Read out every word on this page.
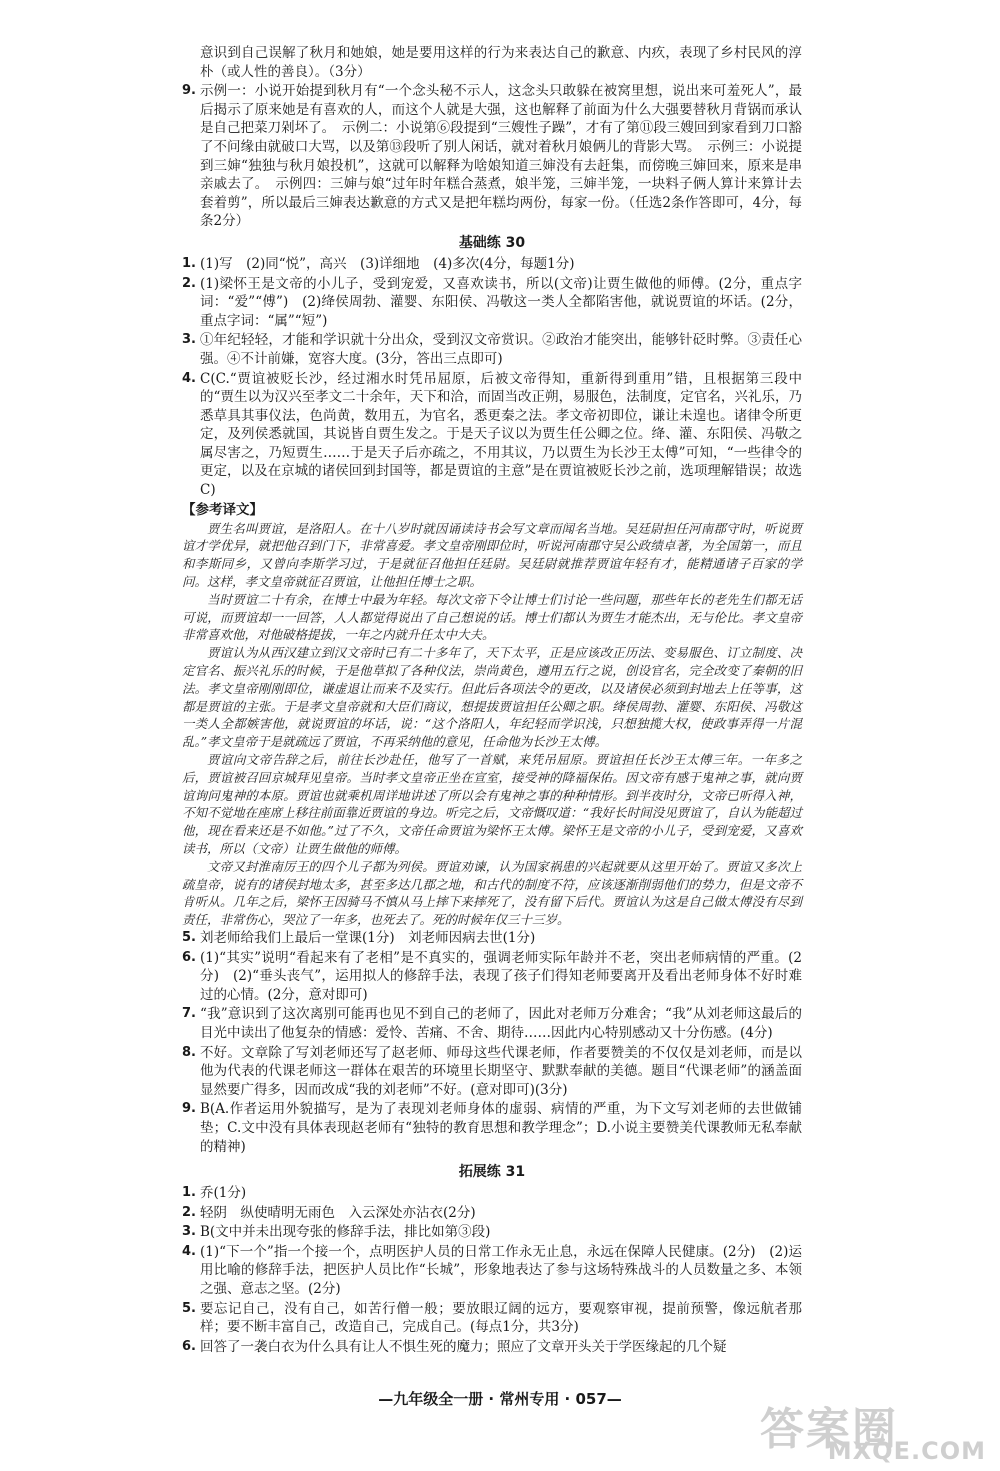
意识到自己误解了秋月和她娘，她是要用这样的行为来表达自己的歉意、内疚，表现了乡村民风的淳朴（或人性的善良）。（3分）
9. 示例一：小说开始提到秋月有“一个念头秘不示人，这念头只敢躲在被窝里想，说出来可羞死人”，最后揭示了原来她是有喜欢的人，而这个人就是大强，这也解释了前面为什么大强要替秋月背锅而承认是自己把菜刀剁坏了。　示例二：小说第⑥段提到“三嫂性子躁”，才有了第⑪段三嫂回到家看到刀口豁了不问缘由就破口大骂，以及第⑬段听了别人闲话，就对着秋月娘俩儿的背影大骂。　示例三：小说提到三婶“独独与秋月娘投机”，这就可以解释为啥娘知道三婶没有去赶集，而傍晚三婶回来，原来是串亲戚去了。　示例四：三婶与娘“过年时年糕合蒸煮，娘半笼，三婶半笼，一块料子俩人算计来算计去套着剪”，所以最后三婶表达歉意的方式又是把年糕均两份，每家一份。（任选2条作答即可，4分，每条2分）
基础练 30
1. (1)写　(2)同“悦”，高兴　(3)详细地　(4)多次(4分，每题1分)
2. (1)梁怀王是文帝的小儿子，受到宠爱，又喜欢读书，所以(文帝)让贾生做他的师傅。(2分，重点字词：“爱”“傅”)　(2)绛侯周勃、灌婴、东阳侯、冯敬这一类人全都陷害他，就说贾谊的坏话。(2分，重点字词：“属”“短”)
3. ①年纪轻轻，才能和学识就十分出众，受到汉文帝赏识。②政治才能突出，能够针砭时弊。③责任心强。④不计前嫌，宽容大度。(3分，答出三点即可)
4. C(C.“贾谊被贬长沙，经过湘水时凭吊屈原，后被文帝得知，重新得到重用”错，且根据第三段中的“贾生以为汉兴至孝文二十余年，天下和洽，而固当改正朔，易服色，法制度，定官名，兴礼乐，乃悉草具其事仪法，色尚黄，数用五，为官名，悉更秦之法。孝文帝初即位，谦让未遑也。诸律令所更定，及列侯悉就国，其说皆自贾生发之。于是天子议以为贾生任公卿之位。绛、灌、东阳侯、冯敬之属尽害之，乃短贾生……于是天子后亦疏之，不用其议，乃以贾生为长沙王太傅”可知，“一些律令的更定，以及在京城的诸侯回到封国等，都是贾谊的主意”是在贾谊被贬长沙之前，选项理解错误；故选C)
【参考译文】

贾生名叫贾谊，是洛阳人。在十八岁时就因诵读诗书会写文章而闻名当地。吴廷尉担任河南郡守时，听说贾谊才学优异，就把他召到门下，非常喜爱。孝文皇帝刚即位时，听说河南郡守吴公政绩卓著，为全国第一，而且和李斯同乡，又曾向李斯学习过，于是就征召他担任廷尉。吴廷尉就推荐贾谊年轻有才，能精通诸子百家的学问。这样，孝文皇帝就征召贾谊，让他担任博士之职。

当时贾谊二十有余，在博士中最为年轻。每次文帝下令让博士们讨论一些问题，那些年长的老先生们都无话可说，而贾谊却一一回答，人人都觉得说出了自己想说的话。博士们都认为贾生才能杰出，无与伦比。孝文皇帝非常喜欢他，对他破格提拔，一年之内就升任太中大夫。

贾谊认为从西汉建立到汉文帝时已有二十多年了，天下太平，正是应该改正历法、变易服色、订立制度、决定官名、振兴礼乐的时候，于是他草拟了各种仪法，崇尚黄色，遵用五行之说，创设官名，完全改变了秦朝的旧法。孝文皇帝刚刚即位，谦虚退让而来不及实行。但此后各项法令的更改，以及诸侯必须到封地去上任等事，这都是贾谊的主张。于是孝文皇帝就和大臣们商议，想提拔贾谊担任公卿之职。绛侯周勃、灌婴、东阳侯、冯敬这一类人全都嫉害他，就说贾谊的坏话，说：“这个洛阳人，年纪轻而学识浅，只想独揽大权，使政事弄得一片混乱。”孝文皇帝于是就疏远了贾谊，不再采纳他的意见，任命他为长沙王太傅。

贾谊向文帝告辞之后，前往长沙赴任，他写了一首赋，来凭吊屈原。贾谊担任长沙王太傅三年。一年多之后，贾谊被召回京城拜见皇帝。当时孝文皇帝正坐在宣室，接受神的降福保佑。因文帝有感于鬼神之事，就向贾谊询问鬼神的本原。贾谊也就乘机周详地讲述了所以会有鬼神之事的种种情形。到半夜时分，文帝已听得入神，不知不觉地在座席上移往前面靠近贾谊的身边。听完之后，文帝慨叹道：“我好长时间没见贾谊了，自认为能超过他，现在看来还是不如他。”过了不久，文帝任命贾谊为梁怀王太傅。梁怀王是文帝的小儿子，受到宠爱，又喜欢读书，所以（文帝）让贾生做他的师傅。

文帝又封淮南厉王的四个儿子都为列侯。贾谊劝谏，认为国家祸患的兴起就要从这里开始了。贾谊又多次上疏皇帝，说有的诸侯封地太多，甚至多达几郡之地，和古代的制度不符，应该逐渐削弱他们的势力，但是文帝不肯听从。几年之后，梁怀王因骑马不慎从马上摔下来摔死了，没有留下后代。贾谊认为这是自己做太傅没有尽到责任，非常伤心，哭泣了一年多，也死去了。死的时候年仅三十三岁。

5. 刘老师给我们上最后一堂课(1分)　刘老师因病去世(1分)
6. (1)“其实”说明“看起来有了老相”是不真实的，强调老师实际年龄并不老，突出老师病情的严重。(2分)　(2)“垂头丧气”，运用拟人的修辞手法，表现了孩子们得知老师要离开及看出老师身体不好时难过的心情。(2分，意对即可)
7. “我”意识到了这次离别可能再也见不到自己的老师了，因此对老师万分难舍；“我”从刘老师这最后的目光中读出了他复杂的情感：爱怜、苦痛、不舍、期待……因此内心特别感动又十分伤感。(4分)
8. 不好。文章除了写刘老师还写了赵老师、师母这些代课老师，作者要赞美的不仅仅是刘老师，而是以他为代表的代课老师这一群体在艰苦的环境里长期坚守、默默奉献的美德。题目“代课老师”的涵盖面显然要广得多，因而改成“我的刘老师”不好。(意对即可)(3分)
9. B(A.作者运用外貌描写，是为了表现刘老师身体的虚弱、病情的严重，为下文写刘老师的去世做铺垫；C.文中没有具体表现赵老师有“独特的教育思想和教学理念”；D.小说主要赞美代课教师无私奉献的精神)
拓展练 31
1. 乔(1分)
2. 轻阴　纵使晴明无雨色　入云深处亦沾衣(2分)
3. B(文中并未出现夸张的修辞手法，排比如第③段)
4. (1)“下一个”指一个接一个，点明医护人员的日常工作永无止息，永远在保障人民健康。(2分)　(2)运用比喻的修辞手法，把医护人员比作“长城”，形象地表达了参与这场特殊战斗的人员数量之多、本领之强、意志之坚。(2分)
5. 要忘记自己，没有自己，如苦行僧一般；要放眼辽阔的远方，要观察审视，提前预警，像远航者那样；要不断丰富自己，改造自己，完成自己。(每点1分，共3分)
6. 回答了一袭白衣为什么具有让人不惧生死的魔力；照应了文章开头关于学医缘起的几个疑
—九年级全一册 · 常州专用 · 057—
答案圈
MXQE.COM
